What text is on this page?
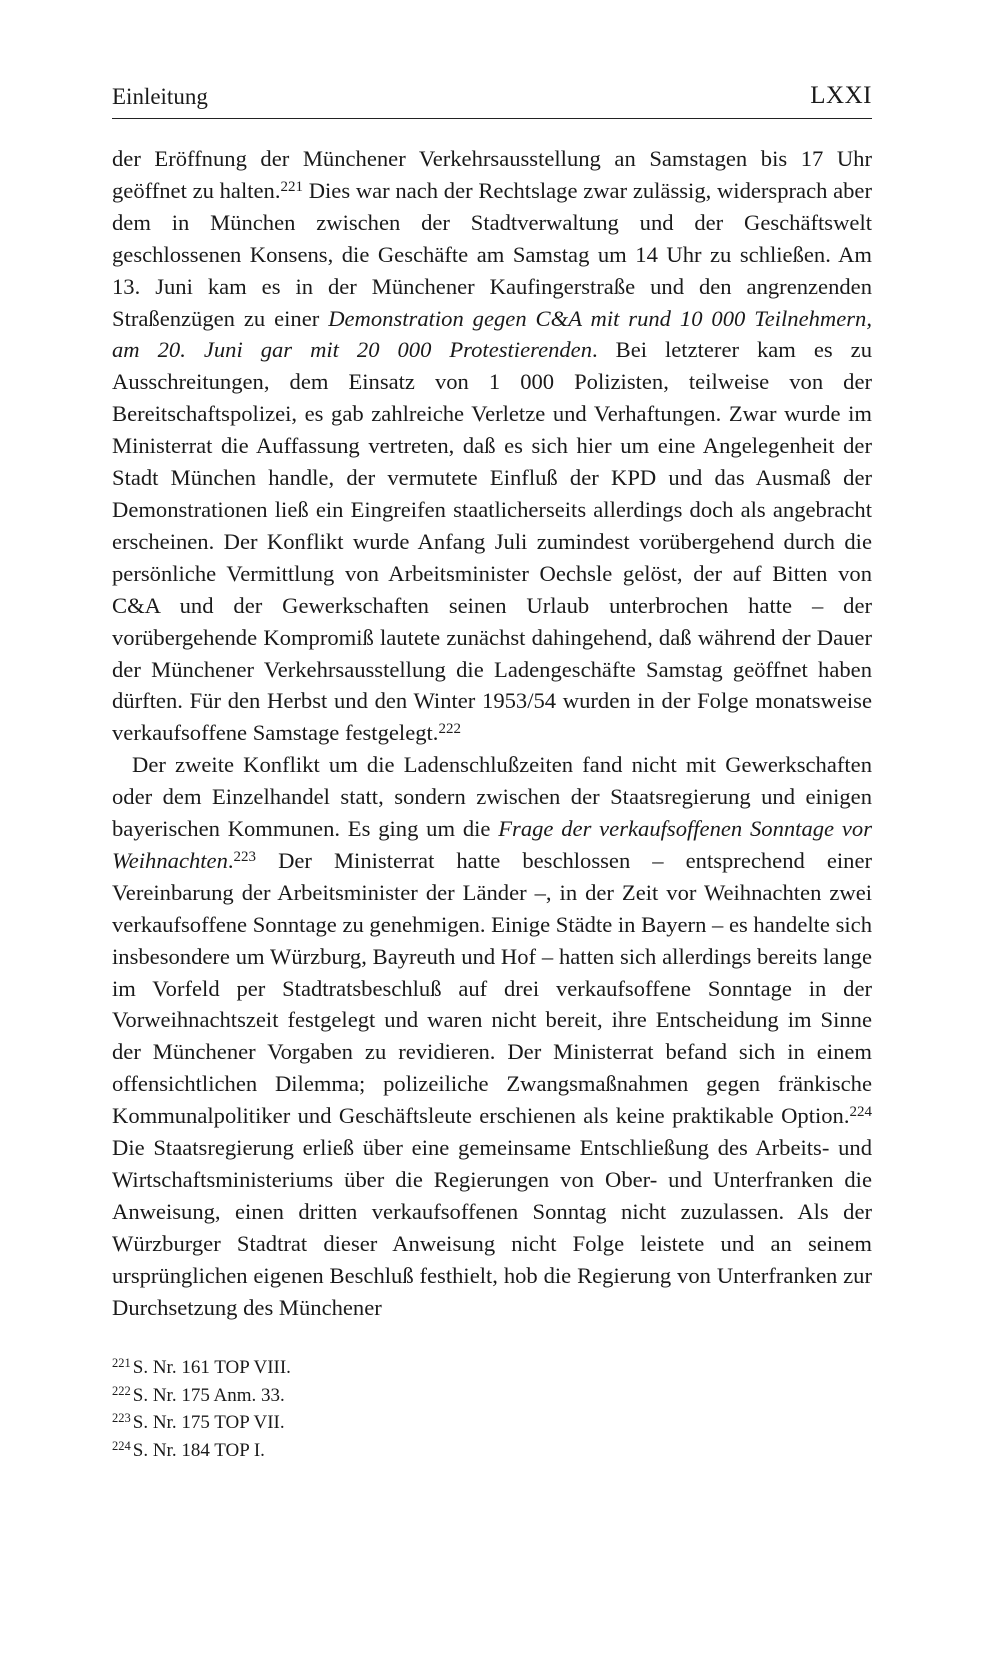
Einleitung	LXXI

der Eröffnung der Münchener Verkehrsausstellung an Samstagen bis 17 Uhr geöffnet zu halten.$^{221}$ Dies war nach der Rechtslage zwar zulässig, widersprach aber dem in München zwischen der Stadtverwaltung und der Geschäftswelt geschlossenen Konsens, die Geschäfte am Samstag um 14 Uhr zu schließen. Am 13. Juni kam es in der Münchener Kaufingerstraße und den angrenzenden Straßenzügen zu einer Demonstration gegen C&A mit rund 10 000 Teilnehmern, am 20. Juni gar mit 20 000 Protestierenden. Bei letzterer kam es zu Ausschreitungen, dem Einsatz von 1 000 Polizisten, teilweise von der Bereitschaftspolizei, es gab zahlreiche Verletze und Verhaftungen. Zwar wurde im Ministerrat die Auffassung vertreten, daß es sich hier um eine Angelegenheit der Stadt München handle, der vermutete Einfluß der KPD und das Ausmaß der Demonstrationen ließ ein Eingreifen staatlicherseits allerdings doch als angebracht erscheinen. Der Konflikt wurde Anfang Juli zumindest vorübergehend durch die persönliche Vermittlung von Arbeitsminister Oechsle gelöst, der auf Bitten von C&A und der Gewerkschaften seinen Urlaub unterbrochen hatte – der vorübergehende Kompromiß lautete zunächst dahingehend, daß während der Dauer der Münchener Verkehrsausstellung die Ladengeschäfte Samstag geöffnet haben dürften. Für den Herbst und den Winter 1953/54 wurden in der Folge monatsweise verkaufsoffene Samstage festgelegt.$^{222}$

Der zweite Konflikt um die Ladenschlußzeiten fand nicht mit Gewerkschaften oder dem Einzelhandel statt, sondern zwischen der Staatsregierung und einigen bayerischen Kommunen. Es ging um die Frage der verkaufsoffenen Sonntage vor Weihnachten.$^{223}$ Der Ministerrat hatte beschlossen – entsprechend einer Vereinbarung der Arbeitsminister der Länder –, in der Zeit vor Weihnachten zwei verkaufsoffene Sonntage zu genehmigen. Einige Städte in Bayern – es handelte sich insbesondere um Würzburg, Bayreuth und Hof – hatten sich allerdings bereits lange im Vorfeld per Stadtratsbeschluß auf drei verkaufsoffene Sonntage in der Vorweihnachtszeit festgelegt und waren nicht bereit, ihre Entscheidung im Sinne der Münchener Vorgaben zu revidieren. Der Ministerrat befand sich in einem offensichtlichen Dilemma; polizeiliche Zwangsmaßnahmen gegen fränkische Kommunalpolitiker und Geschäftsleute erschienen als keine praktikable Option.$^{224}$ Die Staatsregierung erließ über eine gemeinsame Entschließung des Arbeits- und Wirtschaftsministeriums über die Regierungen von Ober- und Unterfranken die Anweisung, einen dritten verkaufsoffenen Sonntag nicht zuzulassen. Als der Würzburger Stadtrat dieser Anweisung nicht Folge leistete und an seinem ursprünglichen eigenen Beschluß festhielt, hob die Regierung von Unterfranken zur Durchsetzung des Münchener

$^{221}$ S. Nr. 161 TOP VIII.
$^{222}$ S. Nr. 175 Anm. 33.
$^{223}$ S. Nr. 175 TOP VII.
$^{224}$ S. Nr. 184 TOP I.
